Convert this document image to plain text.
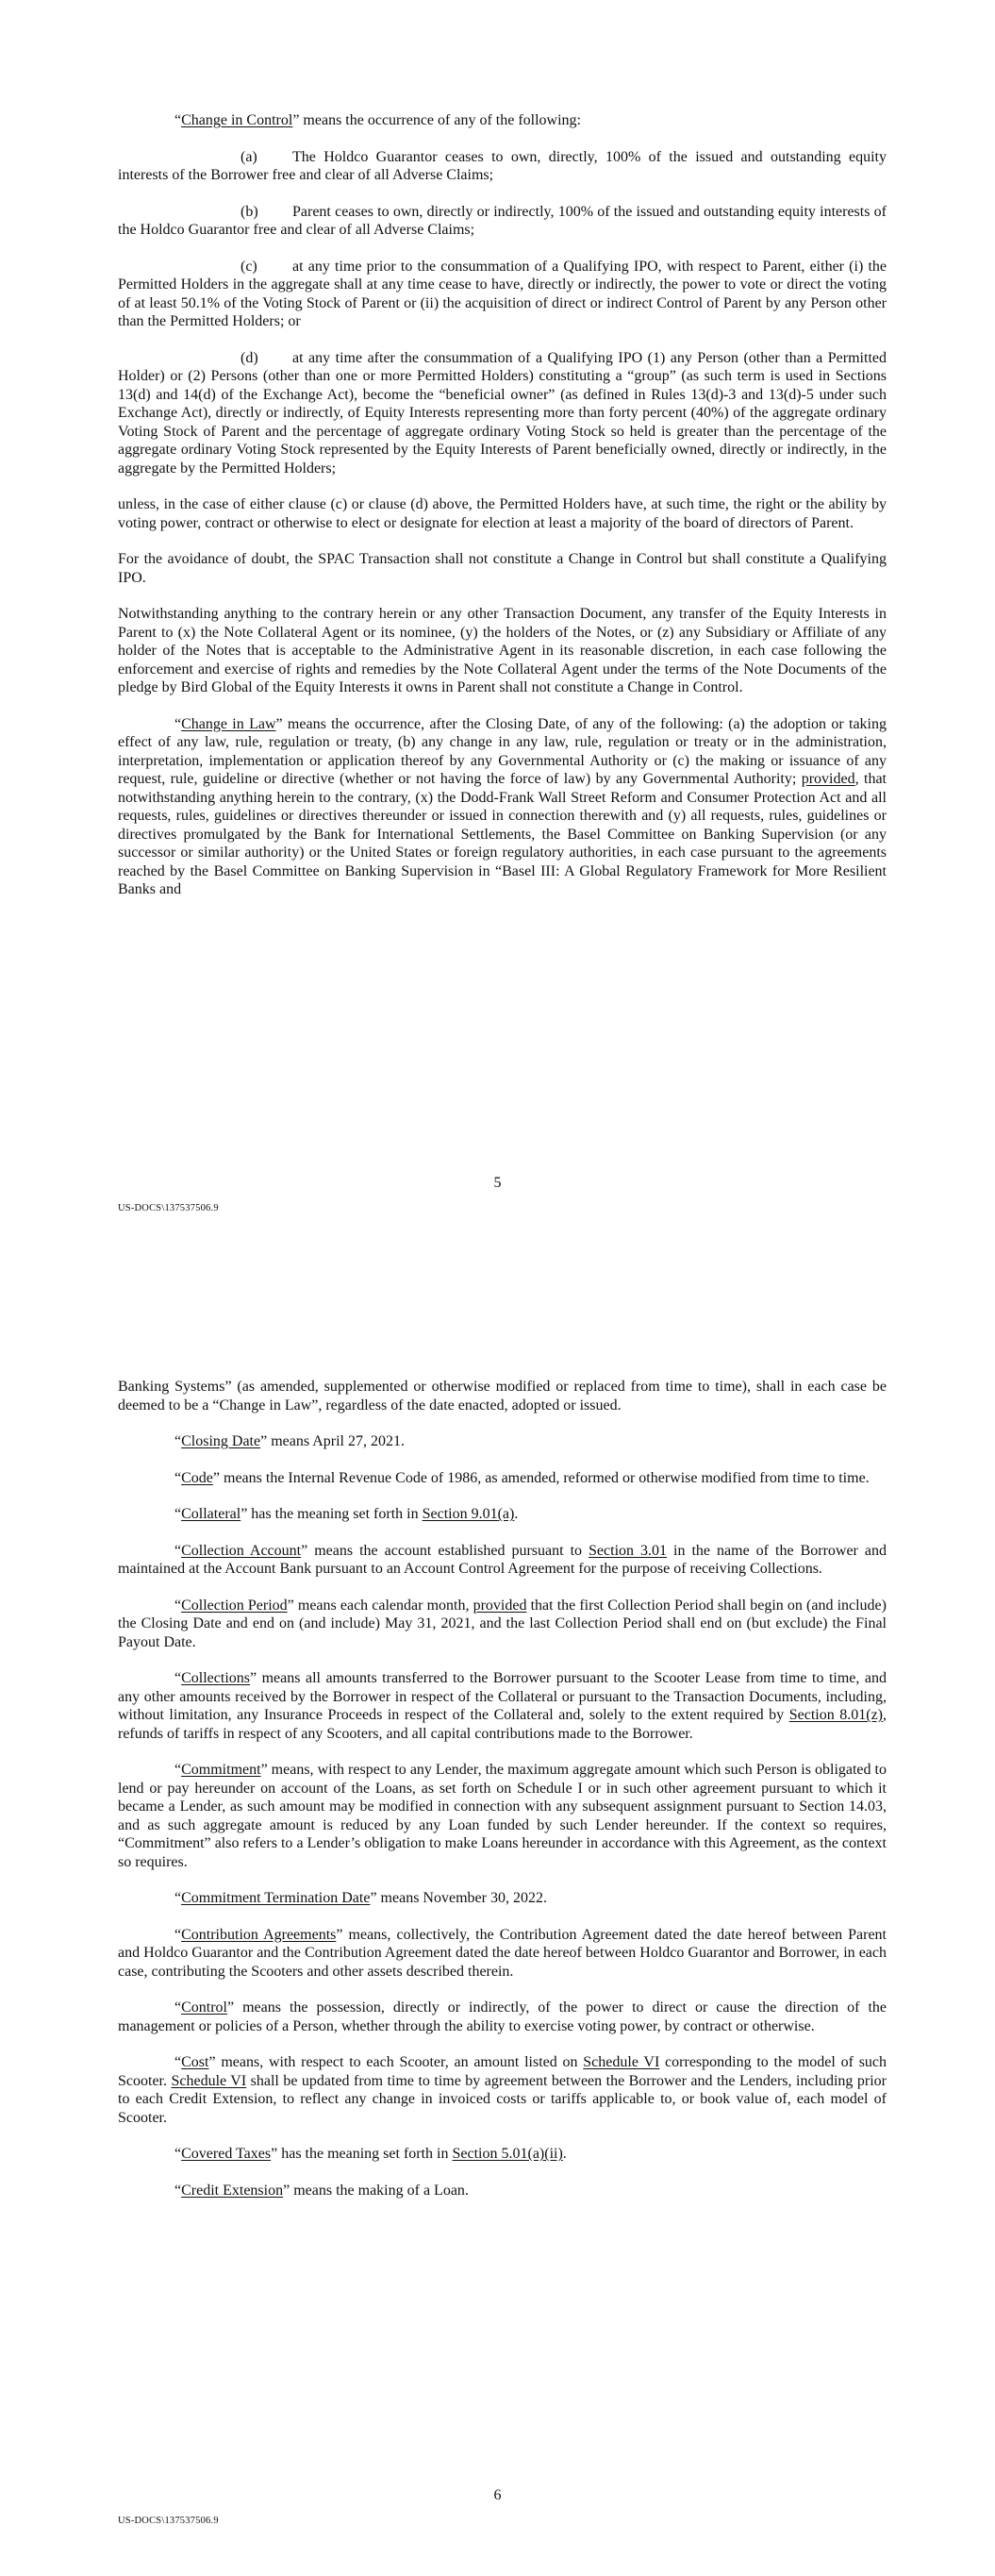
“Change in Control” means the occurrence of any of the following:

(a) The Holdco Guarantor ceases to own, directly, 100% of the issued and outstanding equity interests of the Borrower free and clear of all Adverse Claims;

(b) Parent ceases to own, directly or indirectly, 100% of the issued and outstanding equity interests of the Holdco Guarantor free and clear of all Adverse Claims;

(c) at any time prior to the consummation of a Qualifying IPO, with respect to Parent, either (i) the Permitted Holders in the aggregate shall at any time cease to have, directly or indirectly, the power to vote or direct the voting of at least 50.1% of the Voting Stock of Parent or (ii) the acquisition of direct or indirect Control of Parent by any Person other than the Permitted Holders; or

(d) at any time after the consummation of a Qualifying IPO (1) any Person (other than a Permitted Holder) or (2) Persons (other than one or more Permitted Holders) constituting a “group” (as such term is used in Sections 13(d) and 14(d) of the Exchange Act), become the “beneficial owner” (as defined in Rules 13(d)-3 and 13(d)-5 under such Exchange Act), directly or indirectly, of Equity Interests representing more than forty percent (40%) of the aggregate ordinary Voting Stock of Parent and the percentage of aggregate ordinary Voting Stock so held is greater than the percentage of the aggregate ordinary Voting Stock represented by the Equity Interests of Parent beneficially owned, directly or indirectly, in the aggregate by the Permitted Holders;

unless, in the case of either clause (c) or clause (d) above, the Permitted Holders have, at such time, the right or the ability by voting power, contract or otherwise to elect or designate for election at least a majority of the board of directors of Parent.

For the avoidance of doubt, the SPAC Transaction shall not constitute a Change in Control but shall constitute a Qualifying IPO.

Notwithstanding anything to the contrary herein or any other Transaction Document, any transfer of the Equity Interests in Parent to (x) the Note Collateral Agent or its nominee, (y) the holders of the Notes, or (z) any Subsidiary or Affiliate of any holder of the Notes that is acceptable to the Administrative Agent in its reasonable discretion, in each case following the enforcement and exercise of rights and remedies by the Note Collateral Agent under the terms of the Note Documents of the pledge by Bird Global of the Equity Interests it owns in Parent shall not constitute a Change in Control.

“Change in Law” means the occurrence, after the Closing Date, of any of the following: (a) the adoption or taking effect of any law, rule, regulation or treaty, (b) any change in any law, rule, regulation or treaty or in the administration, interpretation, implementation or application thereof by any Governmental Authority or (c) the making or issuance of any request, rule, guideline or directive (whether or not having the force of law) by any Governmental Authority; provided, that notwithstanding anything herein to the contrary, (x) the Dodd-Frank Wall Street Reform and Consumer Protection Act and all requests, rules, guidelines or directives thereunder or issued in connection therewith and (y) all requests, rules, guidelines or directives promulgated by the Bank for International Settlements, the Basel Committee on Banking Supervision (or any successor or similar authority) or the United States or foreign regulatory authorities, in each case pursuant to the agreements reached by the Basel Committee on Banking Supervision in “Basel III: A Global Regulatory Framework for More Resilient Banks and

5
US-DOCS\137537506.9

Banking Systems” (as amended, supplemented or otherwise modified or replaced from time to time), shall in each case be deemed to be a “Change in Law”, regardless of the date enacted, adopted or issued.

“Closing Date” means April 27, 2021.

“Code” means the Internal Revenue Code of 1986, as amended, reformed or otherwise modified from time to time.

“Collateral” has the meaning set forth in Section 9.01(a).

“Collection Account” means the account established pursuant to Section 3.01 in the name of the Borrower and maintained at the Account Bank pursuant to an Account Control Agreement for the purpose of receiving Collections.

“Collection Period” means each calendar month, provided that the first Collection Period shall begin on (and include) the Closing Date and end on (and include) May 31, 2021, and the last Collection Period shall end on (but exclude) the Final Payout Date.

“Collections” means all amounts transferred to the Borrower pursuant to the Scooter Lease from time to time, and any other amounts received by the Borrower in respect of the Collateral or pursuant to the Transaction Documents, including, without limitation, any Insurance Proceeds in respect of the Collateral and, solely to the extent required by Section 8.01(z), refunds of tariffs in respect of any Scooters, and all capital contributions made to the Borrower.

“Commitment” means, with respect to any Lender, the maximum aggregate amount which such Person is obligated to lend or pay hereunder on account of the Loans, as set forth on Schedule I or in such other agreement pursuant to which it became a Lender, as such amount may be modified in connection with any subsequent assignment pursuant to Section 14.03, and as such aggregate amount is reduced by any Loan funded by such Lender hereunder. If the context so requires, “Commitment” also refers to a Lender’s obligation to make Loans hereunder in accordance with this Agreement, as the context so requires.

“Commitment Termination Date” means November 30, 2022.

“Contribution Agreements” means, collectively, the Contribution Agreement dated the date hereof between Parent and Holdco Guarantor and the Contribution Agreement dated the date hereof between Holdco Guarantor and Borrower, in each case, contributing the Scooters and other assets described therein.

“Control” means the possession, directly or indirectly, of the power to direct or cause the direction of the management or policies of a Person, whether through the ability to exercise voting power, by contract or otherwise.

“Cost” means, with respect to each Scooter, an amount listed on Schedule VI corresponding to the model of such Scooter. Schedule VI shall be updated from time to time by agreement between the Borrower and the Lenders, including prior to each Credit Extension, to reflect any change in invoiced costs or tariffs applicable to, or book value of, each model of Scooter.

“Covered Taxes” has the meaning set forth in Section 5.01(a)(ii).

“Credit Extension” means the making of a Loan.

6
US-DOCS\137537506.9
